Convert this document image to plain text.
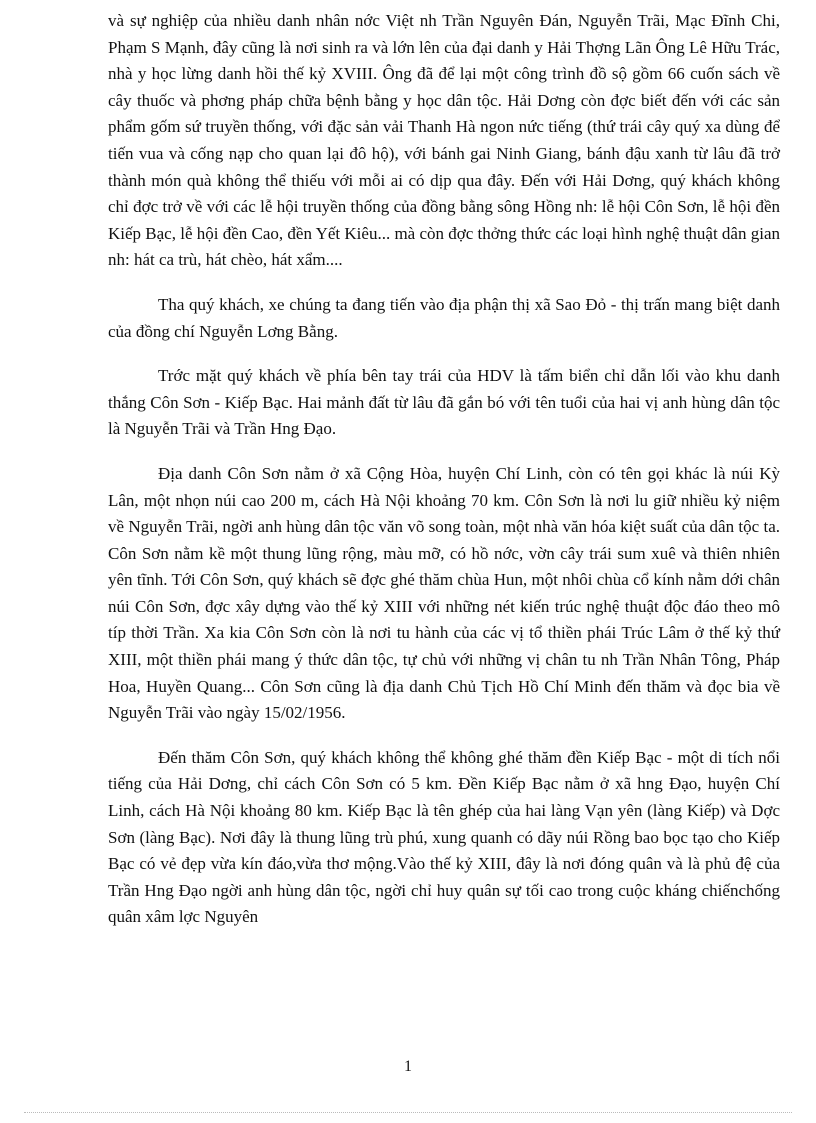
và sự nghiệp của nhiều danh nhân nớc Việt nh Trần Nguyên Đán, Nguyễn Trãi, Mạc Đĩnh Chi, Phạm S Mạnh, đây cũng là nơi sinh ra và lớn lên của đại danh y Hải Thợng Lãn Ông Lê Hữu Trác, nhà y học lừng danh hồi thế kỷ XVIII. Ông đã để lại một công trình đồ sộ gồm 66 cuốn sách về cây thuốc và phơng pháp chữa bệnh bằng y học dân tộc. Hải Dơng còn đợc biết đến với các sản phẩm gốm sứ truyền thống, với đặc sản vải Thanh Hà ngon nức tiếng (thứ trái cây quý xa dùng để tiến vua và cống nạp cho quan lại đô hộ), với bánh gai Ninh Giang, bánh đậu xanh từ lâu đã trở thành món quà không thể thiếu với mỗi ai có dịp qua đây. Đến với Hải Dơng, quý khách không chỉ đợc trở về với các lễ hội truyền thống của đồng bằng sông Hồng nh: lễ hội Côn Sơn, lễ hội đền Kiếp Bạc, lễ hội đền Cao, đền Yết Kiêu... mà còn đợc thởng thức các loại hình nghệ thuật dân gian nh: hát ca trù, hát chèo, hát xẩm....

Tha quý khách, xe chúng ta đang tiến vào địa phận thị xã Sao Đỏ - thị trấn mang biệt danh của đồng chí Nguyễn Lơng Bằng.

Trớc mặt quý khách về phía bên tay trái của HDV là tấm biển chỉ dẫn lối vào khu danh thắng Côn Sơn - Kiếp Bạc. Hai mảnh đất từ lâu đã gắn bó với tên tuổi của hai vị anh hùng dân tộc là Nguyễn Trãi và Trần Hng Đạo.

Địa danh Côn Sơn nằm ở xã Cộng Hòa, huyện Chí Linh, còn có tên gọi khác là núi Kỳ Lân, một nhọn núi cao 200 m, cách Hà Nội khoảng 70 km. Côn Sơn là nơi lu giữ nhiều kỷ niệm về Nguyễn Trãi, ngời anh hùng dân tộc văn võ song toàn, một nhà văn hóa kiệt suất của dân tộc ta. Côn Sơn nằm kề một thung lũng rộng, màu mỡ, có hồ nớc, vờn cây trái sum xuê và thiên nhiên yên tĩnh. Tới Côn Sơn, quý khách sẽ đợc ghé thăm chùa Hun, một nhôi chùa cổ kính nằm dới chân núi Côn Sơn, đợc xây dựng vào thế kỷ XIII với những nét kiến trúc nghệ thuật độc đáo theo mô típ thời Trần. Xa kia Côn Sơn còn là nơi tu hành của các vị tổ thiền phái Trúc Lâm ở thế kỷ thứ XIII, một thiền phái mang ý thức dân tộc, tự chủ với những vị chân tu nh Trần Nhân Tông, Pháp Hoa, Huyền Quang... Côn Sơn cũng là địa danh Chủ Tịch Hồ Chí Minh đến thăm và đọc bia về Nguyễn Trãi vào ngày 15/02/1956.

Đến thăm Côn Sơn, quý khách không thể không ghé thăm đền Kiếp Bạc - một di tích nổi tiếng của Hải Dơng, chỉ cách Côn Sơn có 5 km. Đền Kiếp Bạc nằm ở xã hng Đạo, huyện Chí Linh, cách Hà Nội khoảng 80 km. Kiếp Bạc là tên ghép của hai làng Vạn yên (làng Kiếp) và Dợc Sơn (làng Bạc). Nơi đây là thung lũng trù phú, xung quanh có dãy núi Rồng bao bọc tạo cho Kiếp Bạc có vẻ đẹp vừa kín đáo,vừa thơ mộng.Vào thế kỷ XIII, đây là nơi đóng quân và là phủ đệ của Trần Hng Đạo ngời anh hùng dân tộc, ngời chỉ huy quân sự tối cao trong cuộc kháng chiếnchống quân xâm lợc Nguyên

1
